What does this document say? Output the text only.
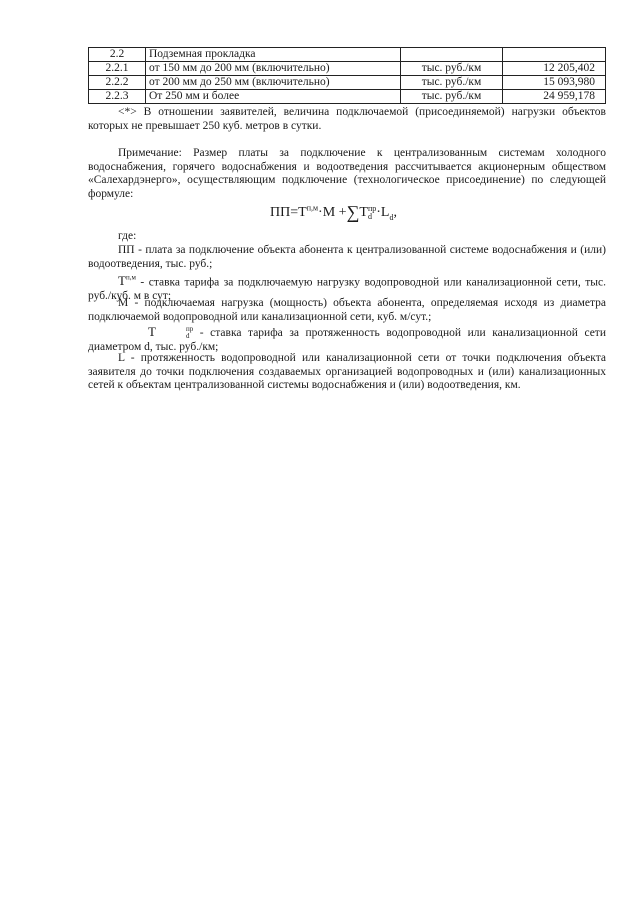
2.2	Подземная прокладка		
2.2.1	от 150 мм до 200 мм (включительно)	тыс. руб./км	12 205,402
2.2.2	от 200 мм до 250 мм (включительно)	тыс. руб./км	15 093,980
2.2.3	От 250 мм и более	тыс. руб./км	24 959,178

<*> В отношении заявителей, величина подключаемой (присоединяемой) нагрузки объектов которых не превышает 250 куб. метров в сутки.

Примечание: Размер платы за подключение к централизованным системам холодного водоснабжения, горячего водоснабжения и водоотведения рассчитывается акционерным обществом «Салехардэнерго», осуществляющим подключение (технологическое присоединение) по следующей формуле:

$ПП=T^{п,м}\cdot M +\sum T$ пр
$d \cdot L_d$,

где:

ПП - плата за подключение объекта абонента к централизованной системе водоснабжения и (или) водоотведения, тыс. руб.;

$T^{п,м}$ - ставка тарифа за подключаемую нагрузку водопроводной или канализационной сети, тыс. руб./куб. м в сут;

M - подключаемая нагрузка (мощность) объекта абонента, определяемая исходя из диаметра подключаемой водопроводной или канализационной сети, куб. м/сут.;

T	пр
d - ставка тарифа за протяженность водопроводной или канализационной сети диаметром d, тыс. руб./км;

L - протяженность водопроводной или канализационной сети от точки подключения объекта заявителя до точки подключения создаваемых организацией водопроводных и (или) канализационных сетей к объектам централизованной системы водоснабжения и (или) водоотведения, км.
